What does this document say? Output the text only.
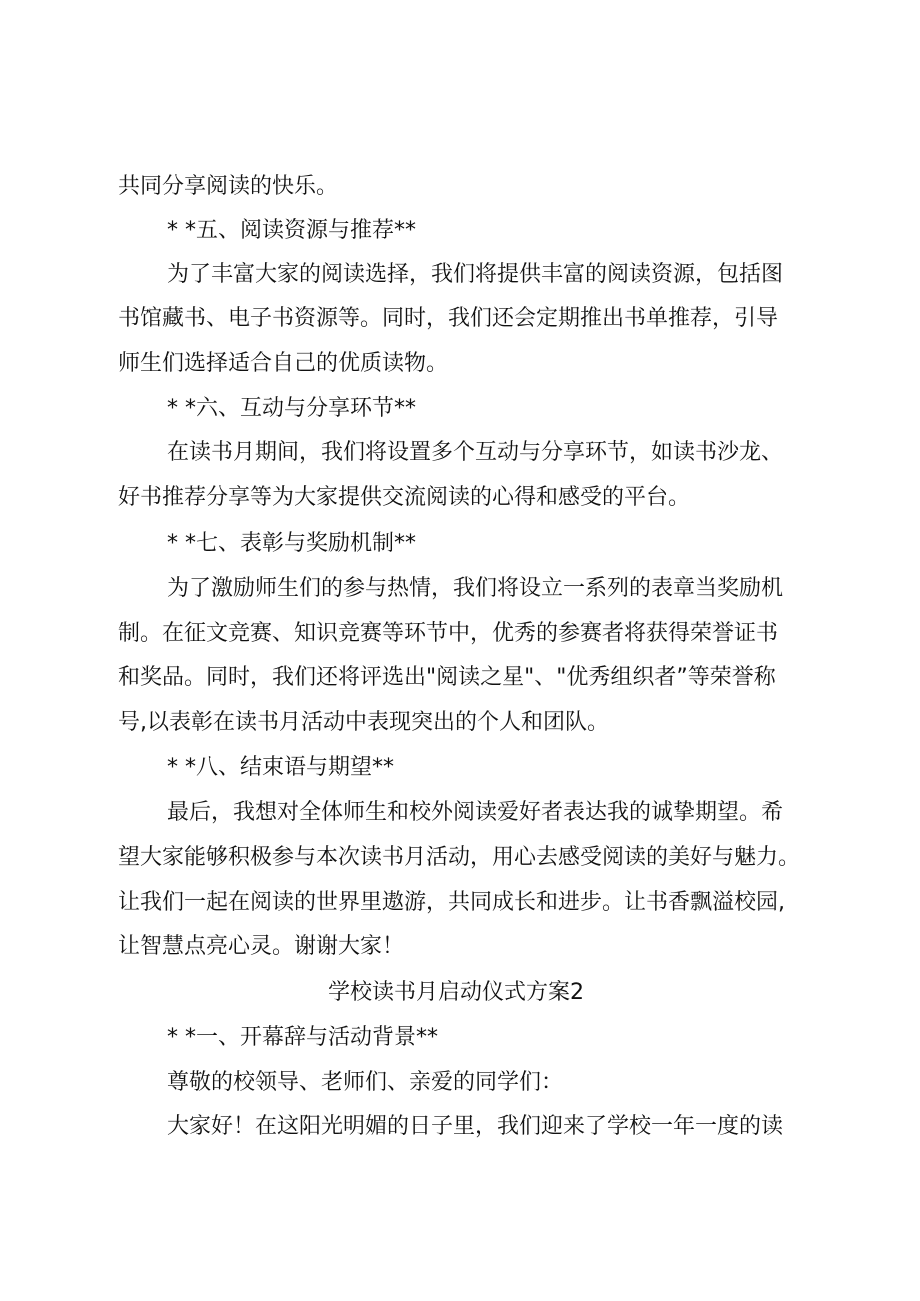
共同分享阅读的快乐。
* *五、阅读资源与推荐**
为了丰富大家的阅读选择，我们将提供丰富的阅读资源，包括图
书馆藏书、电子书资源等。同时，我们还会定期推出书单推荐，引导
师生们选择适合自己的优质读物。
* *六、互动与分享环节**
在读书月期间，我们将设置多个互动与分享环节，如读书沙龙、
好书推荐分享等为大家提供交流阅读的心得和感受的平台。
* *七、表彰与奖励机制**
为了激励师生们的参与热情，我们将设立一系列的表章当奖励机
制。在征文竞赛、知识竞赛等环节中，优秀的参赛者将获得荣誉证书
和奖品。同时，我们还将评选出"阅读之星"、"优秀组织者”等荣誉称
号,以表彰在读书月活动中表现突出的个人和团队。
* *八、结束语与期望**
最后，我想对全体师生和校外阅读爱好者表达我的诚挚期望。希
望大家能够积极参与本次读书月活动，用心去感受阅读的美好与魅力。
让我们一起在阅读的世界里遨游，共同成长和进步。让书香飘溢校园,
让智慧点亮心灵。谢谢大家！
学校读书月启动仪式方案2
* *一、开幕辞与活动背景**
尊敬的校领导、老师们、亲爱的同学们：
大家好！在这阳光明媚的日子里，我们迎来了学校一年一度的读
